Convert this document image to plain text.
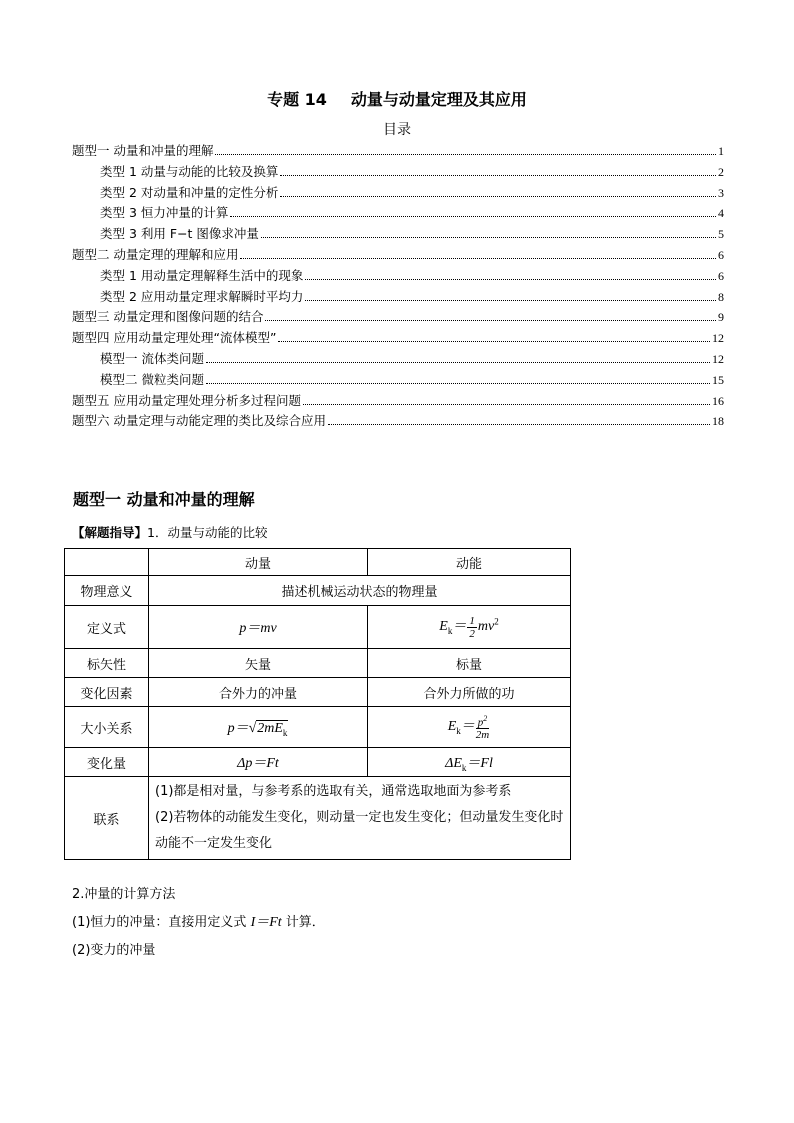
专题 14 动量与动量定理及其应用
目录
题型一 动量和冲量的理解	1
类型 1 动量与动能的比较及换算	2
类型 2 对动量和冲量的定性分析	3
类型 3 恒力冲量的计算	4
类型 3 利用 F−t 图像求冲量	5
题型二 动量定理的理解和应用	6
类型 1 用动量定理解释生活中的现象	6
类型 2 应用动量定理求解瞬时平均力	8
题型三 动量定理和图像问题的结合	9
题型四 应用动量定理处理“流体模型”	12
模型一 流体类问题	12
模型二 微粒类问题	15
题型五 应用动量定理处理分析多过程问题	16
题型六 动量定理与动能定理的类比及综合应用	18
题型一 动量和冲量的理解
【解题指导】1．动量与动能的比较
	动量	动能
物理意义	描述机械运动状态的物理量	
定义式	p＝mv	$E_k= \frac{1}{2} mv^2$
标矢性	矢量	标量
变化因素	合外力的冲量	合外力所做的功
大小关系	$p=√2mE_k$	$E_k= \frac{p^2}{2m}$

变化量	Δp＝Ft	$\Delta E_k=Fl$
联系	(1)都是相对量，与参考系的选取有关，通常选取地面为参考系
(2)若物体的动能发生变化，则动量一定也发生变化；但动量发生变化时动能不一定发生变化	
2.冲量的计算方法
(1)恒力的冲量：直接用定义式 I＝Ft 计算．
(2)变力的冲量
